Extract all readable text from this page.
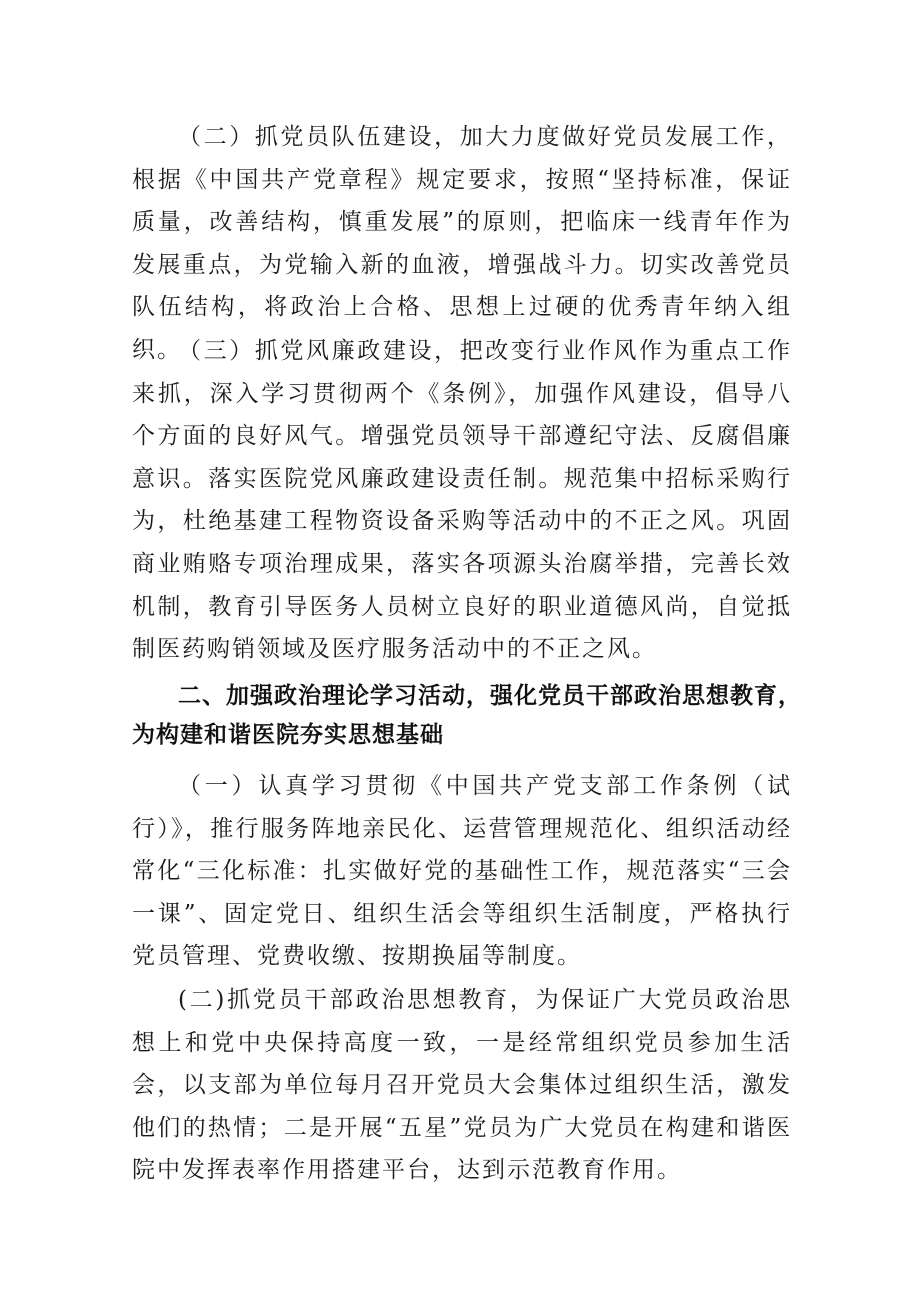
（二）抓党员队伍建设，加大力度做好党员发展工作，根据《中国共产党章程》规定要求，按照“坚持标准，保证质量，改善结构，慎重发展”的原则，把临床一线青年作为发展重点，为党输入新的血液，增强战斗力。切实改善党员队伍结构，将政治上合格、思想上过硬的优秀青年纳入组织。

（三）抓党风廉政建设，把改变行业作风作为重点工作来抓，深入学习贯彻两个《条例》，加强作风建设，倡导八个方面的良好风气。增强党员领导干部遵纪守法、反腐倡廉意识。落实医院党风廉政建设责任制。规范集中招标采购行为，杜绝基建工程物资设备采购等活动中的不正之风。巩固商业贿赂专项治理成果，落实各项源头治腐举措，完善长效机制，教育引导医务人员树立良好的职业道德风尚，自觉抵制医药购销领域及医疗服务活动中的不正之风。

二、加强政治理论学习活动，强化党员干部政治思想教育，为构建和谐医院夯实思想基础

（一）认真学习贯彻《中国共产党支部工作条例（试行）》，推行服务阵地亲民化、运营管理规范化、组织活动经常化“三化标准：扎实做好党的基础性工作，规范落实“三会一课”、固定党日、组织生活会等组织生活制度，严格执行党员管理、党费收缴、按期换届等制度。

(二)抓党员干部政治思想教育，为保证广大党员政治思想上和党中央保持高度一致，一是经常组织党员参加生活会，以支部为单位每月召开党员大会集体过组织生活，激发他们的热情；二是开展“五星”党员为广大党员在构建和谐医院中发挥表率作用搭建平台，达到示范教育作用。
